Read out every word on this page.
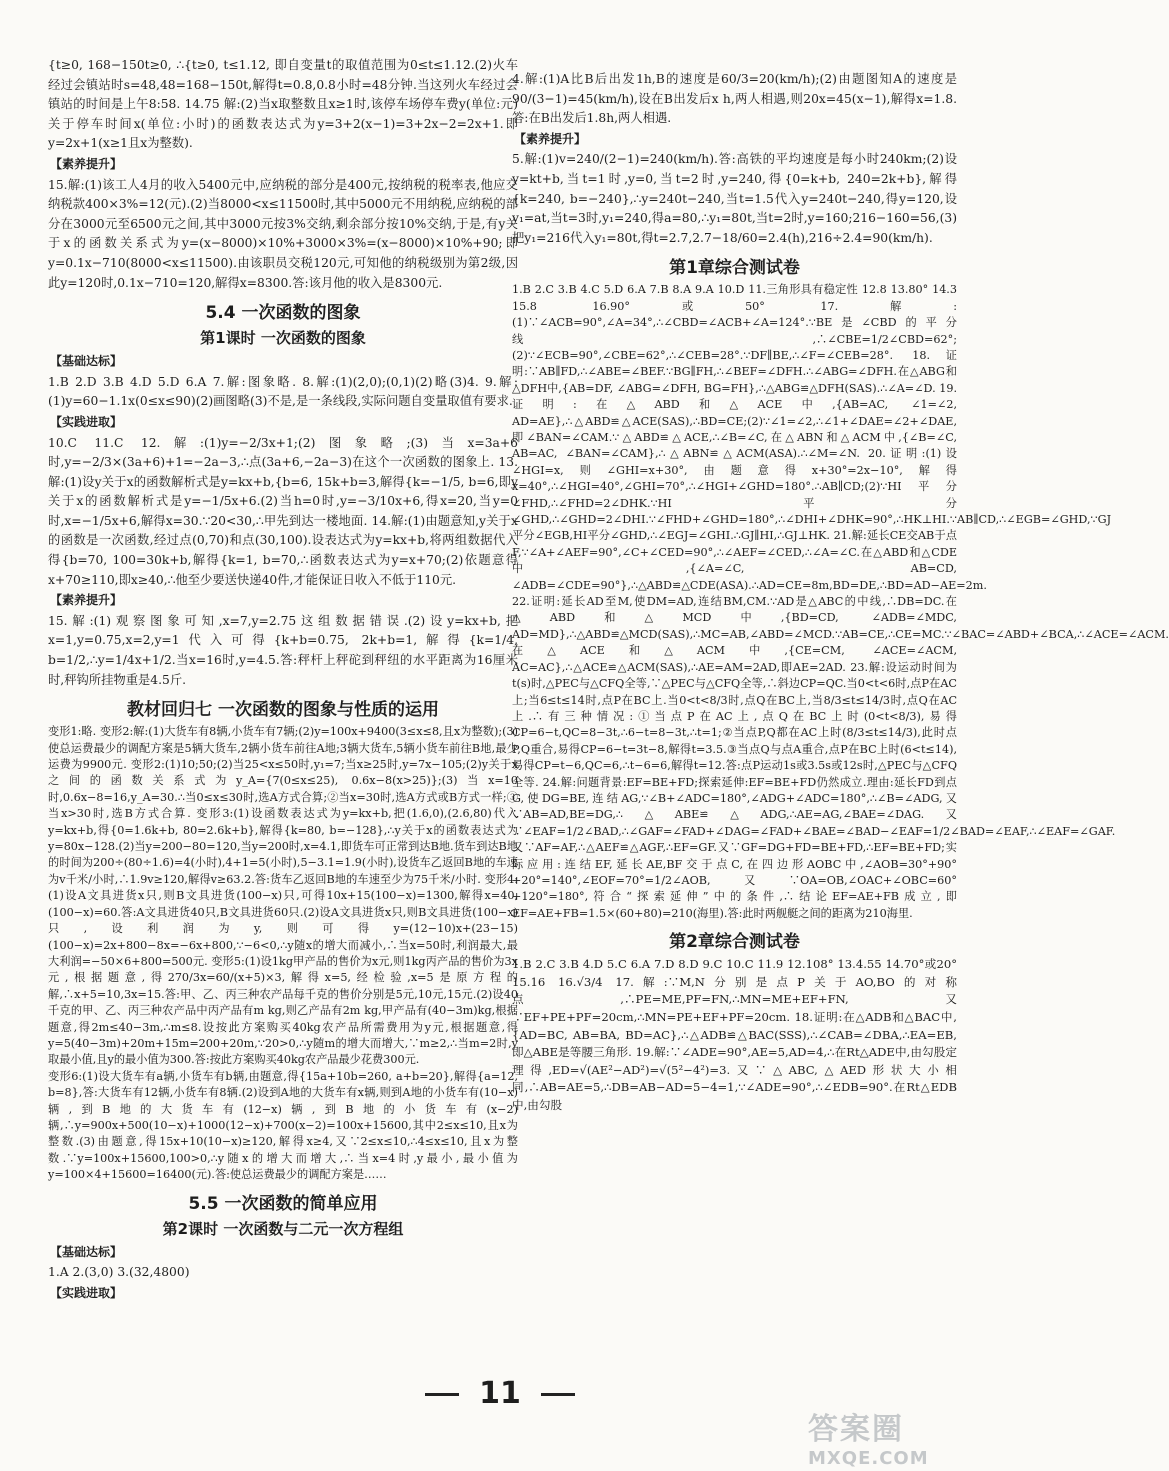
{t≥0, 168−150t≥0, ∴{t≥0, t≤1.12, 即自变量t的取值范围为0≤t≤1.12.(2)火车经过会镇站时s=48,48=168−150t,解得t=0.8,0.8小时=48分钟.当这列火车经过会镇站的时间是上午8:58. 14.75 解:(2)当x取整数且x≥1时,该停车场停车费y(单位:元)关于停车时间x(单位:小时)的函数表达式为y=3+2(x−1)=3+2x−2=2x+1.即y=2x+1(x≥1且x为整数).

【 素养提升 】

15.解:(1)该工人4月的收入5400元中,应纳税的部分是400元,按纳税的税率表,他应交纳税款400×3%=12(元).(2)当8000<x≤11500时,其中5000元不用纳税,应纳税的部分在3000元至6500元之间,其中3000元按3%交纳,剩余部分按10%交纳,于是,有y关于x的函数关系式为y=(x−8000)×10%+3000×3%=(x−8000)×10%+90;即y=0.1x−710(8000<x≤11500).由该职员交税120元,可知他的纳税级别为第2级,因此y=120时,0.1x−710=120,解得x=8300.答:该月他的收入是8300元.

5.4 一次函数的图象
第1课时 一次函数的图象
【 基础达标 】

1.B 2.D 3.B 4.D 5.D 6.A 7.解:图象略. 8.解:(1)(2,0);(0,1)(2)略(3)4. 9.解:(1)y=60−1.1x(0≤x≤90)(2)画图略(3)不是,是一条线段,实际问题自变量取值有要求.

【 实践进取 】

10.C 11.C 12.解:(1)y=−2/3x+1;(2)图象略;(3)当x=3a+6时,y=−2/3×(3a+6)+1=−2a−3,∴点(3a+6,−2a−3)在这个一次函数的图象上. 13.解:(1)设y关于x的函数解析式是y=kx+b,{b=6, 15k+b=3,解得{k=−1/5, b=6,即y关于x的函数解析式是y=−1/5x+6.(2)当h=0时,y=−3/10x+6,得x=20,当y=0时,x=−1/5x+6,解得x=30.∵20<30,∴甲先到达一楼地面. 14.解:(1)由题意知,y关于x的函数是一次函数,经过点(0,70)和点(30,100).设表达式为y=kx+b,将两组数据代入得{b=70, 100=30k+b,解得{k=1, b=70,∴函数表达式为y=x+70;(2)依题意得x+70≥110,即x≥40,∴他至少要送快递40件,才能保证日收入不低于110元.

【 素养提升 】

15.解:(1)观察图象可知,x=7,y=2.75这组数据错误.(2)设y=kx+b,把x=1,y=0.75,x=2,y=1代入可得{k+b=0.75, 2k+b=1,解得{k=1/4, b=1/2,∴y=1/4x+1/2.当x=16时,y=4.5.答:秤杆上秤砣到秤纽的水平距离为16厘米时,秤钩所挂物重是4.5斤.

教材回归七 一次函数的图象与性质的运用

变形1:略. 变形2:解:(1)大货车有8辆,小货车有7辆;(2)y=100x+9400(3≤x≤8,且x为整数);(3)使总运费最少的调配方案是5辆大货车,2辆小货车前往A地;3辆大货车,5辆小货车前往B地,最少运费为9900元. 变形2:(1)10;50;(2)当25<x≤50时,y₁=7;当x≥25时,y=7x−105;(2)y关于x之间的函数关系式为y_A={7(0≤x≤25), 0.6x−8(x>25)};(3)当x=10时,0.6x−8=16,y_A=30.∴当0≤x≤30时,选A方式合算;②当x=30时,选A方式或B方式一样;③当x>30时,选B方式合算. 变形3:(1)设函数表达式为y=kx+b,把(1.6,0),(2.6,80)代入y=kx+b,得{0=1.6k+b, 80=2.6k+b},解得{k=80, b=−128},∴y关于x的函数表达式为y=80x−128.(2)当y=200−80=120,当y=200时,x=4.1,即货车可正常到达B地.货车到达B地的时间为200÷(80÷1.6)=4(小时),4+1=5(小时),5−3.1=1.9(小时),设货车乙返回B地的车速为v千米/小时,∴1.9v≥120,解得v≥63.2.答:货车乙返回B地的车速至少为75千米/小时. 变形4:(1)设A文具进货x只,则B文具进货(100−x)只,可得10x+15(100−x)=1300,解得x=40,(100−x)=60.答:A文具进货40只,B文具进货60只.(2)设A文具进货x只,则B文具进货(100−x)只,设利润为y,则可得y=(12−10)x+(23−15)(100−x)=2x+800−8x=−6x+800,∵−6<0,∴y随x的增大而减小,∴当x=50时,利润最大,最大利润=−50×6+800=500元. 变形5:(1)设1kg甲产品的售价为x元,则1kg丙产品的售价为3x元,根据题意,得270/3x=60/(x+5)×3,解得x=5,经检验,x=5是原方程的解,∴x+5=10,3x=15.答:甲、乙、丙三种农产品每千克的售价分别是5元,10元,15元.(2)设40千克的甲、乙、丙三种农产品中丙产品有m kg,则乙产品有2m kg,甲产品有(40−3m)kg,根据题意,得2m≤40−3m,∴m≤8.设按此方案购买40kg农产品所需费用为y元,根据题意,得y=5(40−3m)+20m+15m=200+20m,∵20>0,∴y随m的增大而增大,∵m≥2,∴当m=2时,y取最小值,且y的最小值为300.答:按此方案购买40kg农产品最少花费300元.

变形6:(1)设大货车有a辆,小货车有b辆,由题意,得{15a+10b=260, a+b=20},解得{a=12, b=8},答:大货车有12辆,小货车有8辆.(2)设到A地的大货车有x辆,则到A地的小货车有(10−x)辆,到B地的大货车有(12−x)辆,到B地的小货车有(x−2)辆,∴y=900x+500(10−x)+1000(12−x)+700(x−2)=100x+15600,其中2≤x≤10,且x为整数.(3)由题意,得15x+10(10−x)≥120,解得x≥4,又∵2≤x≤10,∴4≤x≤10,且x为整数.∵y=100x+15600,100>0,∴y随x的增大而增大,∴当x=4时,y最小,最小值为y=100×4+15600=16400(元).答:使总运费最少的调配方案是……

5.5 一次函数的简单应用
第2课时 一次函数与二元一次方程组
【 基础达标 】

1.A 2.(3,0) 3.(32,4800)

【 实践进取 】

4.解:(1)A比B后出发1h,B的速度是60/3=20(km/h);(2)由题图知A的速度是90/(3−1)=45(km/h),设在B出发后x h,两人相遇,则20x=45(x−1),解得x=1.8.答:在B出发后1.8h,两人相遇.

【 素养提升 】

5.解:(1)v=240/(2−1)=240(km/h).答:高铁的平均速度是每小时240km;(2)设y=kt+b,当t=1时,y=0,当t=2时,y=240,得{0=k+b, 240=2k+b},解得{k=240, b=−240},∴y=240t−240,当t=1.5代入y=240t−240,得y=120,设y₁=at,当t=3时,y₁=240,得a=80,∴y₁=80t,当t=2时,y=160;216−160=56,(3)把y₁=216代入y₁=80t,得t=2.7,2.7−18/60=2.4(h),216÷2.4=90(km/h).

第1章综合测试卷

1.B 2.C 3.B 4.C 5.D 6.A 7.B 8.A 9.A 10.D 11.三角形具有稳定性 12.8 13.80° 14.3 15.8 16.90°或50° 17.解:(1)∵∠ACB=90°,∠A=34°,∴∠CBD=∠ACB+∠A=124°.∵BE是∠CBD的平分线,∴∠CBE=1/2∠CBD=62°;(2)∵∠ECB=90°,∠CBE=62°,∴∠CEB=28°.∵DF∥BE,∴∠F=∠CEB=28°. 18.证明:∵AB∥FD,∴∠ABE=∠BEF.∵BG∥FH,∴∠BEF=∠DFH.∴∠ABG=∠DFH.在△ABG和△DFH中,{AB=DF, ∠ABG=∠DFH, BG=FH},∴△ABG≌△DFH(SAS).∴∠A=∠D. 19.证明:在△ABD和△ACE中,{AB=AC, ∠1=∠2, AD=AE},∴△ABD≌△ACE(SAS),∴BD=CE;(2)∵∠1=∠2,∴∠1+∠DAE=∠2+∠DAE,即∠BAN=∠CAM.∵△ABD≌△ACE,∴∠B=∠C,在△ABN和△ACM中,{∠B=∠C, AB=AC, ∠BAN=∠CAM},∴△ABN≌△ACM(ASA).∴∠M=∠N. 20.证明:(1)设∠HGI=x,则∠GHI=x+30°,由题意得x+30°=2x−10°,解得x=40°,∴∠HGI=40°,∠GHI=70°,∴∠HGI+∠GHD=180°.∴AB∥CD;(2)∵HI平分∠FHD,∴∠FHD=2∠DHK.∵HI平分∠GHD,∴∠GHD=2∠DHI.∵∠FHD+∠GHD=180°,∴∠DHI+∠DHK=90°,∴HK⊥HI.∵AB∥CD,∴∠EGB=∠GHD,∵GJ平分∠EGB,HI平分∠GHD,∴∠EGJ=∠GHI.∴GJ∥HI,∴GJ⊥HK. 21.解:延长CE交AB于点F,∵∠A+∠AEF=90°,∠C+∠CED=90°,∴∠AEF=∠CED,∴∠A=∠C.在△ABD和△CDE中,{∠A=∠C, AB=CD, ∠ADB=∠CDE=90°},∴△ABD≌△CDE(ASA).∴AD=CE=8m,BD=DE,∴BD=AD−AE=2m. 22.证明:延长AD至M,使DM=AD,连结BM,CM.∵AD是△ABC的中线,∴DB=DC.在△ABD和△MCD中,{BD=CD, ∠ADB=∠MDC, AD=MD},∴△ABD≌△MCD(SAS),∴MC=AB,∠ABD=∠MCD.∵AB=CE,∴CE=MC.∵∠BAC=∠ABD+∠BCA,∴∠ACE=∠ACM.在△ACE和△ACM中,{CE=CM, ∠ACE=∠ACM, AC=AC},∴△ACE≌△ACM(SAS),∴AE=AM=2AD,即AE=2AD. 23.解:设运动时间为t(s)时,△PEC与△CFQ全等,∵△PEC与△CFQ全等,∴斜边CP=QC.当0<t<6时,点P在AC上;当6≤t≤14时,点P在BC上.当0<t<8/3时,点Q在BC上,当8/3≤t≤14/3时,点Q在AC上.∴有三种情况:①当点P在AC上,点Q在BC上时(0<t<8/3),易得CP=6−t,QC=8−3t,∴6−t=8−3t,∴t=1;②当点P,Q都在AC上时(8/3≤t≤14/3),此时点P,Q重合,易得CP=6−t=3t−8,解得t=3.5.③当点Q与点A重合,点P在BC上时(6<t≤14),易得CP=t−6,QC=6,∴t−6=6,解得t=12.答:点P运动1s或3.5s或12s时,△PEC与△CFQ全等. 24.解:问题背景:EF=BE+FD;探索延伸:EF=BE+FD仍然成立.理由:延长FD到点G,使DG=BE,连结AG,∵∠B+∠ADC=180°,∠ADG+∠ADC=180°,∴∠B=∠ADG,又∵AB=AD,BE=DG,∴△ABE≌△ADG,∴AE=AG,∠BAE=∠DAG.又∵∠EAF=1/2∠BAD,∴∠GAF=∠FAD+∠DAG=∠FAD+∠BAE=∠BAD−∠EAF=1/2∠BAD=∠EAF,∴∠EAF=∠GAF.又∵AF=AF,∴△AEF≌△AGF,∴EF=GF.又∵GF=DG+FD=BE+FD,∴EF=BE+FD;实际应用:连结EF,延长AE,BF交于点C,在四边形AOBC中,∠AOB=30°+90°+20°=140°,∠EOF=70°=1/2∠AOB,又∵OA=OB,∠OAC+∠OBC=60°+120°=180°,符合“探索延伸”中的条件,∴结论EF=AE+FB成立,即EF=AE+FB=1.5×(60+80)=210(海里).答:此时两舰艇之间的距离为210海里.

第2章综合测试卷

1.B 2.C 3.B 4.D 5.C 6.A 7.D 8.D 9.C 10.C 11.9 12.108° 13.4.55 14.70°或20° 15.16 16.√3/4 17.解:∵M,N分别是点P关于AO,BO的对称点,∴PE=ME,PF=FN,∴MN=ME+EF+FN,又∵EF+PE+PF=20cm,∴MN=PE+EF+PF=20cm. 18.证明:在△ADB和△BAC中,{AD=BC, AB=BA, BD=AC},∴△ADB≌△BAC(SSS),∴∠CAB=∠DBA,∴EA=EB,即△ABE是等腰三角形. 19.解:∵∠ADE=90°,AE=5,AD=4,∴在Rt△ADE中,由勾股定理得,ED=√(AE²−AD²)=√(5²−4²)=3.又∵△ABC,△AED形状大小相同,∴AB=AE=5,∴DB=AB−AD=5−4=1,∵∠ADE=90°,∴∠EDB=90°.在Rt△EDB中,由勾股

11
答案圈
MXQE.COM
